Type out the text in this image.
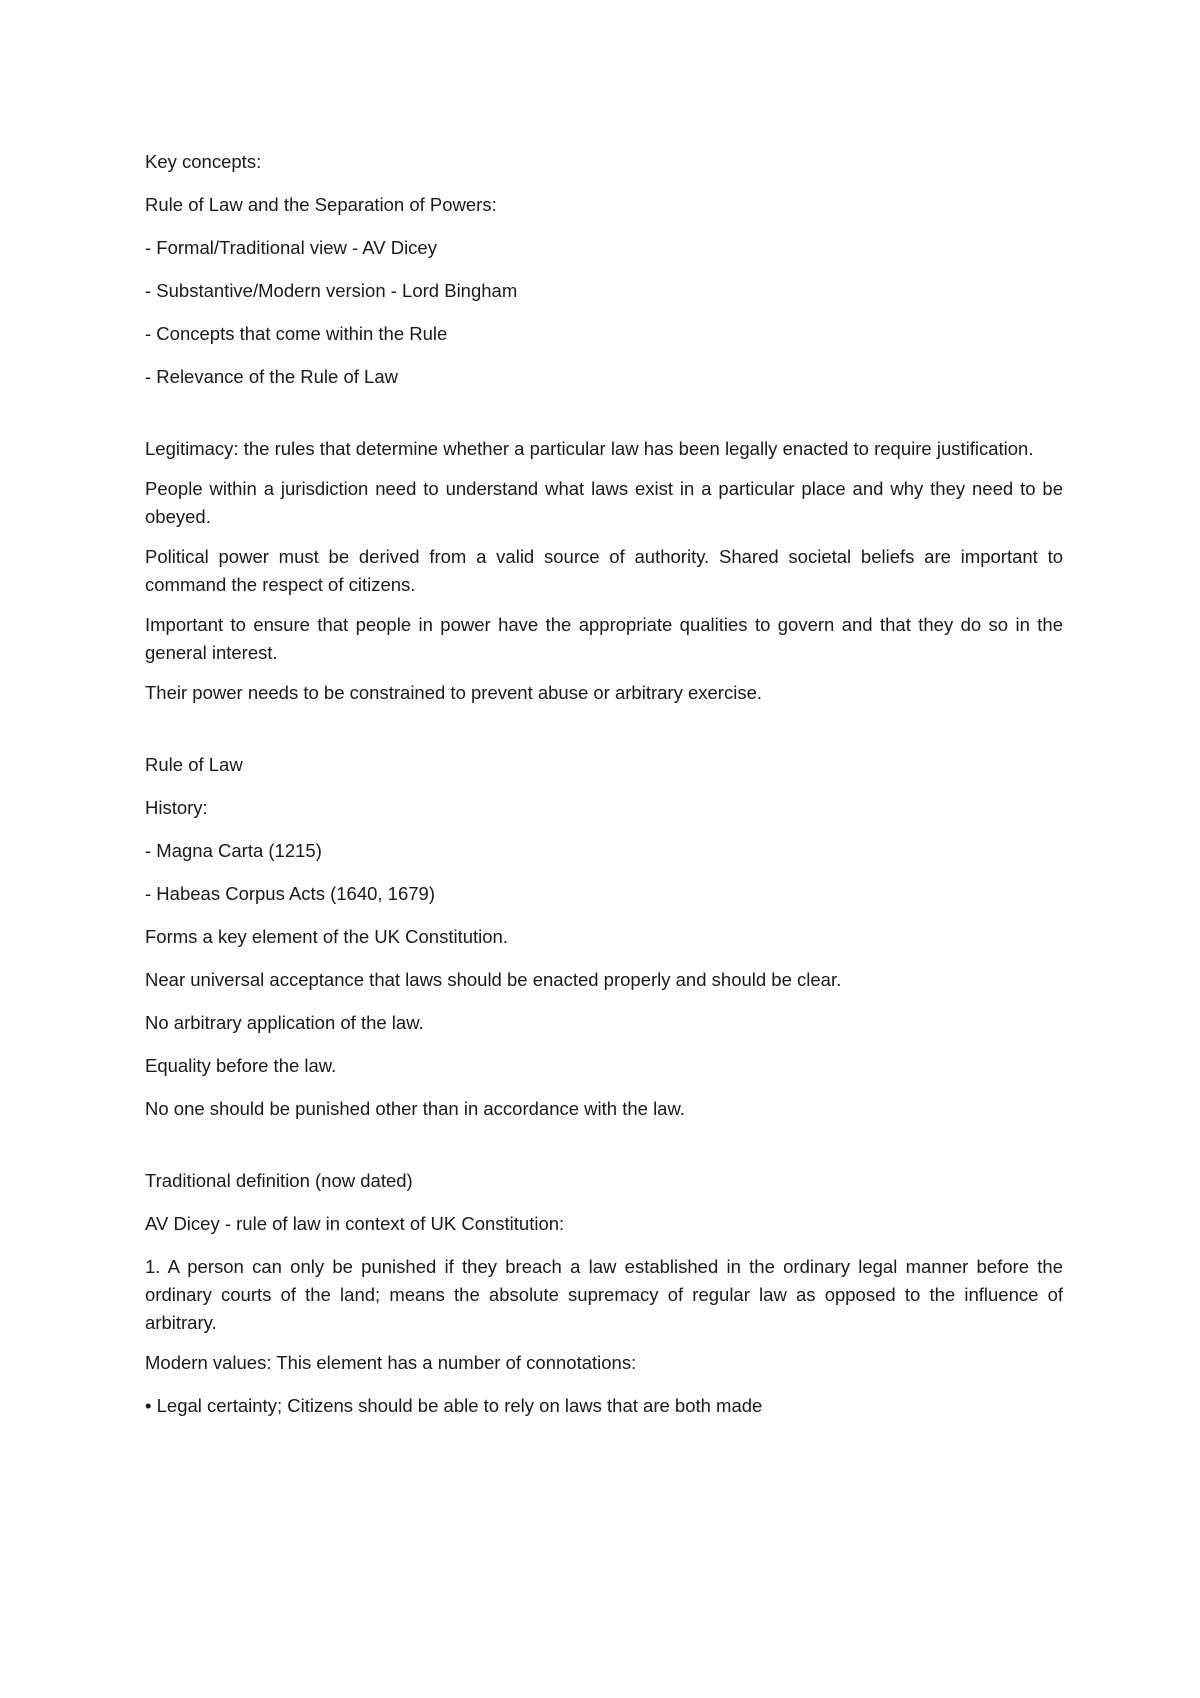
Key concepts:

Rule of Law and the Separation of Powers:

- Formal/Traditional view - AV Dicey

- Substantive/Modern version - Lord Bingham

- Concepts that come within the Rule

- Relevance of the Rule of Law

Legitimacy: the rules that determine whether a particular law has been legally enacted to require justification.

People within a jurisdiction need to understand what laws exist in a particular place and why they need to be obeyed.

Political power must be derived from a valid source of authority. Shared societal beliefs are important to command the respect of citizens.

Important to ensure that people in power have the appropriate qualities to govern and that they do so in the general interest.

Their power needs to be constrained to prevent abuse or arbitrary exercise.

Rule of Law

History:

- Magna Carta (1215)

- Habeas Corpus Acts (1640, 1679)

Forms a key element of the UK Constitution.

Near universal acceptance that laws should be enacted properly and should be clear.

No arbitrary application of the law.

Equality before the law.

No one should be punished other than in accordance with the law.

Traditional definition (now dated)

AV Dicey - rule of law in context of UK Constitution:

1. A person can only be punished if they breach a law established in the ordinary legal manner before the ordinary courts of the land; means the absolute supremacy of regular law as opposed to the influence of arbitrary.

Modern values: This element has a number of connotations:

• Legal certainty; Citizens should be able to rely on laws that are both made
